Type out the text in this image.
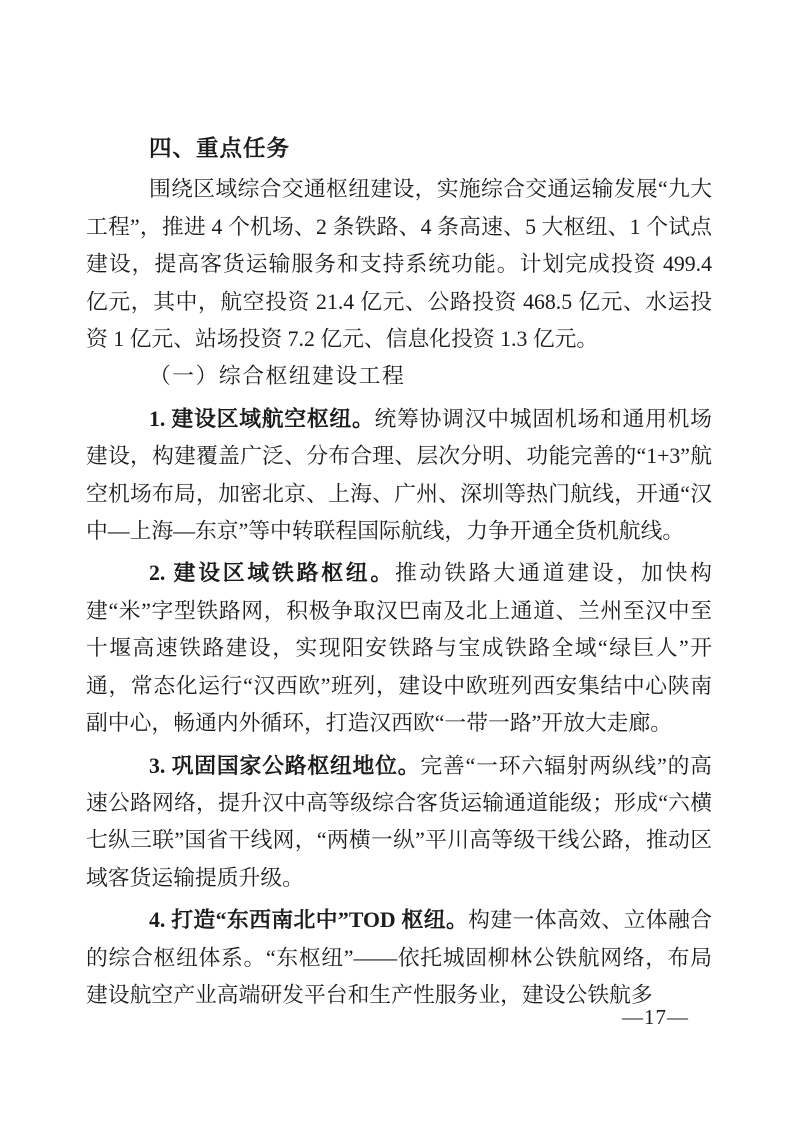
四、重点任务

围绕区域综合交通枢纽建设，实施综合交通运输发展“九大工程”，推进 4 个机场、2 条铁路、4 条高速、5 大枢纽、1 个试点建设，提高客货运输服务和支持系统功能。计划完成投资 499.4 亿元，其中，航空投资 21.4 亿元、公路投资 468.5 亿元、水运投资 1 亿元、站场投资 7.2 亿元、信息化投资 1.3 亿元。

（一）综合枢纽建设工程

1. 建设区域航空枢纽。统筹协调汉中城固机场和通用机场建设，构建覆盖广泛、分布合理、层次分明、功能完善的“1+3”航空机场布局，加密北京、上海、广州、深圳等热门航线，开通“汉中—上海—东京”等中转联程国际航线，力争开通全货机航线。

2. 建设区域铁路枢纽。推动铁路大通道建设，加快构建“米”字型铁路网，积极争取汉巴南及北上通道、兰州至汉中至十堰高速铁路建设，实现阳安铁路与宝成铁路全域“绿巨人”开通，常态化运行“汉西欧”班列，建设中欧班列西安集结中心陕南副中心，畅通内外循环，打造汉西欧“一带一路”开放大走廊。

3. 巩固国家公路枢纽地位。完善“一环六辐射两纵线”的高速公路网络，提升汉中高等级综合客货运输通道能级；形成“六横七纵三联”国省干线网，“两横一纵”平川高等级干线公路，推动区域客货运输提质升级。

4. 打造“东西南北中”TOD 枢纽。构建一体高效、立体融合的综合枢纽体系。“东枢纽”——依托城固柳林公铁航网络，布局建设航空产业高端研发平台和生产性服务业，建设公铁航多

—17—
